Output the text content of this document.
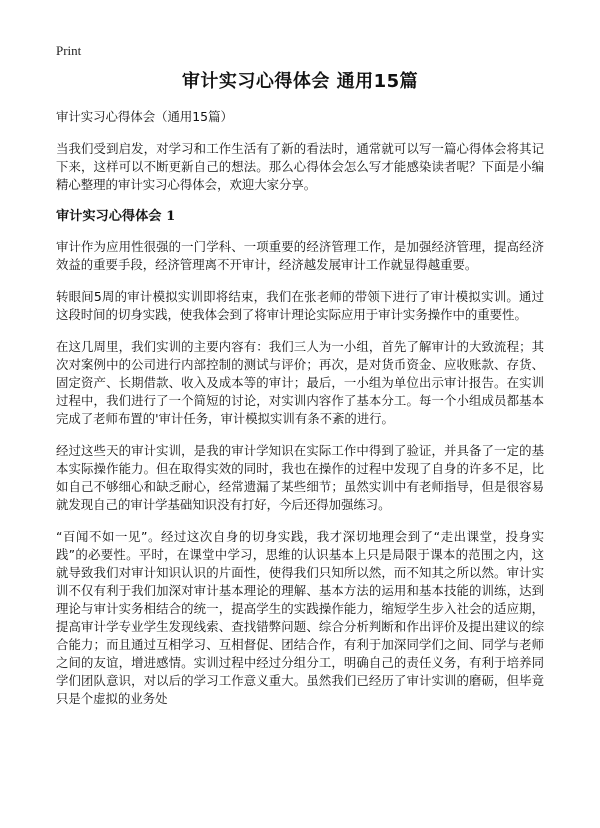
Print
审计实习心得体会 通用15篇

审计实习心得体会（通用15篇）

当我们受到启发，对学习和工作生活有了新的看法时，通常就可以写一篇心得体会将其记下来，这样可以不断更新自己的想法。那么心得体会怎么写才能感染读者呢？下面是小编精心整理的审计实习心得体会，欢迎大家分享。

审计实习心得体会 1

审计作为应用性很强的一门学科、一项重要的经济管理工作，是加强经济管理，提高经济效益的重要手段，经济管理离不开审计，经济越发展审计工作就显得越重要。

转眼间5周的审计模拟实训即将结束，我们在张老师的带领下进行了审计模拟实训。通过这段时间的切身实践，使我体会到了将审计理论实际应用于审计实务操作中的重要性。

在这几周里，我们实训的主要内容有：我们三人为一小组，首先了解审计的大致流程；其次对案例中的公司进行内部控制的测试与评价；再次，是对货币资金、应收账款、存货、固定资产、长期借款、收入及成本等的审计；最后，一小组为单位出示审计报告。在实训过程中，我们进行了一个简短的讨论，对实训内容作了基本分工。每一个小组成员都基本完成了老师布置的'审计任务，审计模拟实训有条不紊的进行。

经过这些天的审计实训，是我的审计学知识在实际工作中得到了验证，并具备了一定的基本实际操作能力。但在取得实效的同时，我也在操作的过程中发现了自身的许多不足，比如自己不够细心和缺乏耐心，经常遗漏了某些细节；虽然实训中有老师指导，但是很容易就发现自己的审计学基础知识没有打好，今后还得加强练习。

“百闻不如一见”。经过这次自身的切身实践，我才深切地理会到了“走出课堂，投身实践”的必要性。平时，在课堂中学习，思维的认识基本上只是局限于课本的范围之内，这就导致我们对审计知识认识的片面性，使得我们只知所以然，而不知其之所以然。审计实训不仅有利于我们加深对审计基本理论的理解、基本方法的运用和基本技能的训练，达到理论与审计实务相结合的统一，提高学生的实践操作能力，缩短学生步入社会的适应期，提高审计学专业学生发现线索、查找错弊问题、综合分析判断和作出评价及提出建议的综合能力；而且通过互相学习、互相督促、团结合作，有利于加深同学们之间、同学与老师之间的友谊，增进感情。实训过程中经过分组分工，明确自己的责任义务，有利于培养同学们团队意识，对以后的学习工作意义重大。虽然我们已经历了审计实训的磨砺，但毕竟只是个虚拟的业务处
